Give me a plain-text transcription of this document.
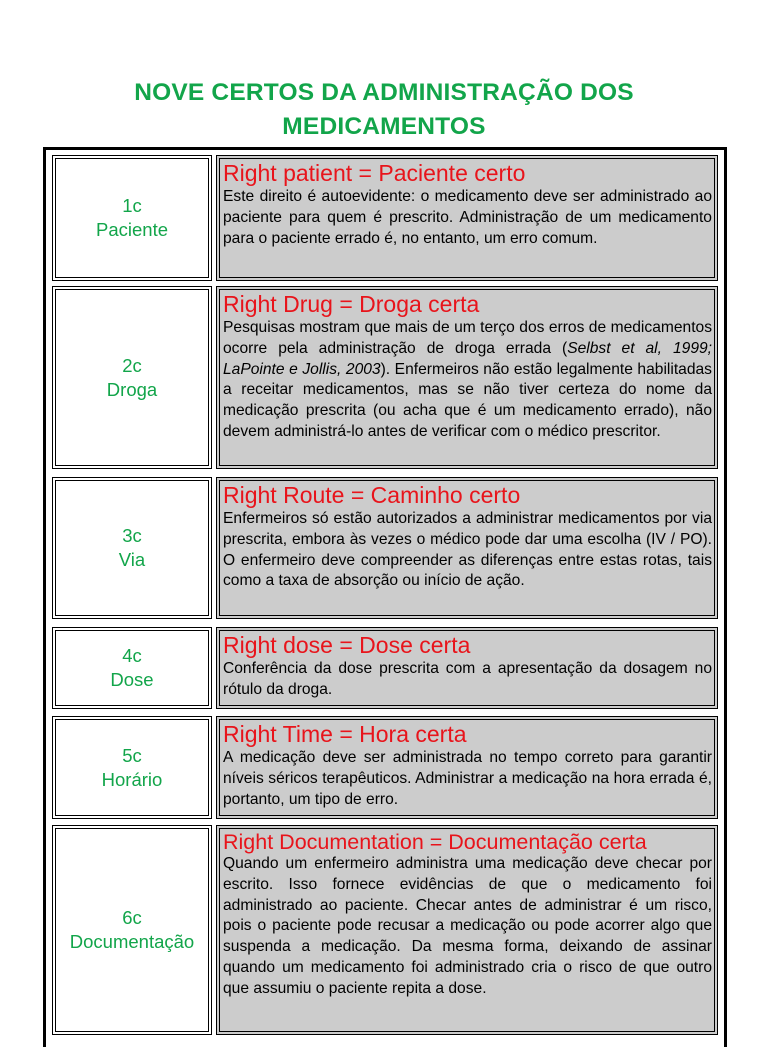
NOVE CERTOS DA ADMINISTRAÇÃO DOS MEDICAMENTOS
1c
Paciente
Right patient = Paciente certo
Este direito é autoevidente: o medicamento deve ser administrado ao paciente para quem é prescrito. Administração de um medicamento para o paciente errado é, no entanto, um erro comum.
2c
Droga
Right Drug = Droga certa
Pesquisas mostram que mais de um terço dos erros de medicamentos ocorre pela administração de droga errada (Selbst et al, 1999; LaPointe e Jollis, 2003). Enfermeiros não estão legalmente habilitadas a receitar medicamentos, mas se não tiver certeza do nome da medicação prescrita (ou acha que é um medicamento errado), não devem administrá-lo antes de verificar com o médico prescritor.
3c
Via
Right Route = Caminho certo
Enfermeiros só estão autorizados a administrar medicamentos por via prescrita, embora às vezes o médico pode dar uma escolha (IV / PO). O enfermeiro deve compreender as diferenças entre estas rotas, tais como a taxa de absorção ou início de ação.
4c
Dose
Right dose = Dose certa
Conferência da dose prescrita com a apresentação da dosagem no rótulo da droga.
5c
Horário
Right Time = Hora certa
A medicação deve ser administrada no tempo correto para garantir níveis séricos terapêuticos. Administrar a medicação na hora errada é, portanto, um tipo de erro.
6c
Documentação
Right Documentation = Documentação certa
Quando um enfermeiro administra uma medicação deve checar por escrito. Isso fornece evidências de que o medicamento foi administrado ao paciente. Checar antes de administrar é um risco, pois o paciente pode recusar a medicação ou pode acorrer algo que suspenda a medicação. Da mesma forma, deixando de assinar quando um medicamento foi administrado cria o risco de que outro que assumiu o paciente repita a dose.
